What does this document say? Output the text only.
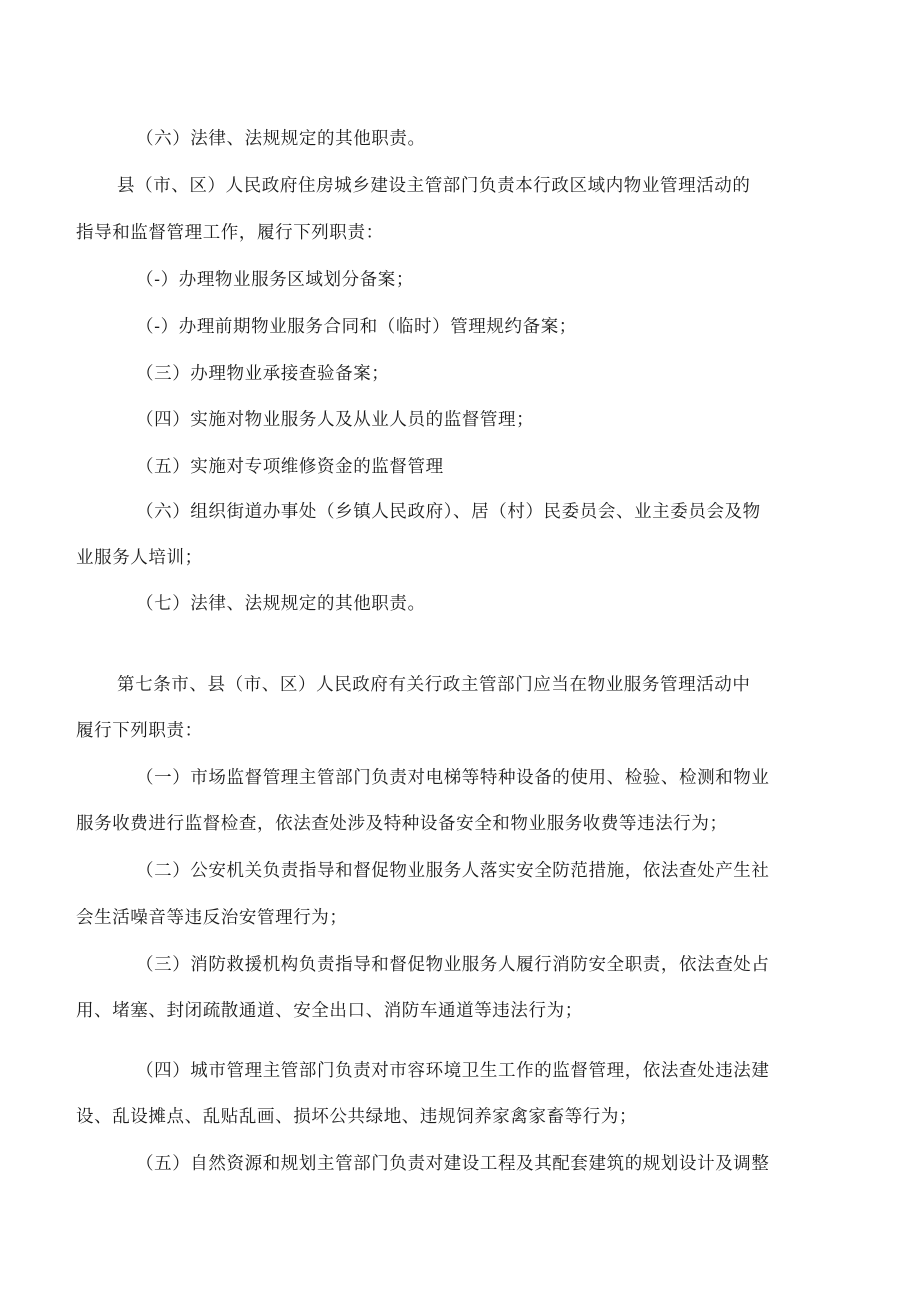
（六）法律、法规规定的其他职责。
县（市、区）人民政府住房城乡建设主管部门负责本行政区域内物业管理活动的
指导和监督管理工作，履行下列职责：
（-）办理物业服务区域划分备案；
（-）办理前期物业服务合同和（临时）管理规约备案；
（三）办理物业承接查验备案；
（四）实施对物业服务人及从业人员的监督管理；
（五）实施对专项维修资金的监督管理
（六）组织街道办事处（乡镇人民政府）、居（村）民委员会、业主委员会及物
业服务人培训；
（七）法律、法规规定的其他职责。
第七条市、县（市、区）人民政府有关行政主管部门应当在物业服务管理活动中
履行下列职责：
（一）市场监督管理主管部门负责对电梯等特种设备的使用、检验、检测和物业
服务收费进行监督检查，依法查处涉及特种设备安全和物业服务收费等违法行为；
（二）公安机关负责指导和督促物业服务人落实安全防范措施，依法查处产生社
会生活噪音等违反治安管理行为；
（三）消防救援机构负责指导和督促物业服务人履行消防安全职责，依法查处占
用、堵塞、封闭疏散通道、安全出口、消防车通道等违法行为；
（四）城市管理主管部门负责对市容环境卫生工作的监督管理，依法查处违法建
设、乱设摊点、乱贴乱画、损坏公共绿地、违规饲养家禽家畜等行为；
（五）自然资源和规划主管部门负责对建设工程及其配套建筑的规划设计及调整
